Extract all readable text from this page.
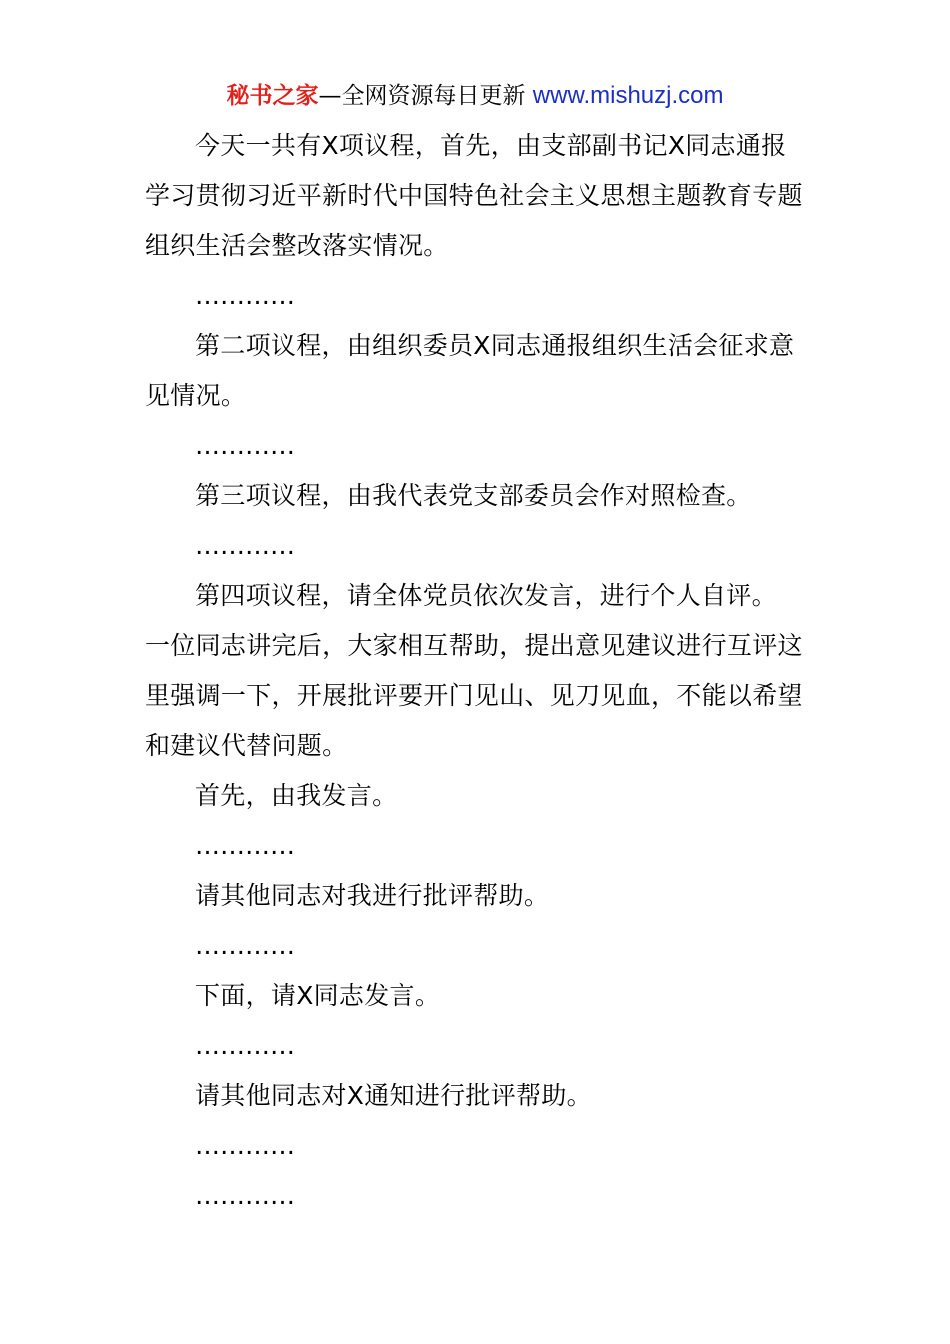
秘书之家—全网资源每日更新 www.mishuzj.com

今天一共有X项议程，首先，由支部副书记X同志通报学习贯彻习近平新时代中国特色社会主义思想主题教育专题组织生活会整改落实情况。

…………

第二项议程，由组织委员X同志通报组织生活会征求意见情况。

…………

第三项议程，由我代表党支部委员会作对照检查。

…………

第四项议程，请全体党员依次发言，进行个人自评。

一位同志讲完后，大家相互帮助，提出意见建议进行互评这里强调一下，开展批评要开门见山、见刀见血，不能以希望和建议代替问题。

首先，由我发言。

…………

请其他同志对我进行批评帮助。

…………

下面，请X同志发言。

…………

请其他同志对X通知进行批评帮助。

…………

…………
